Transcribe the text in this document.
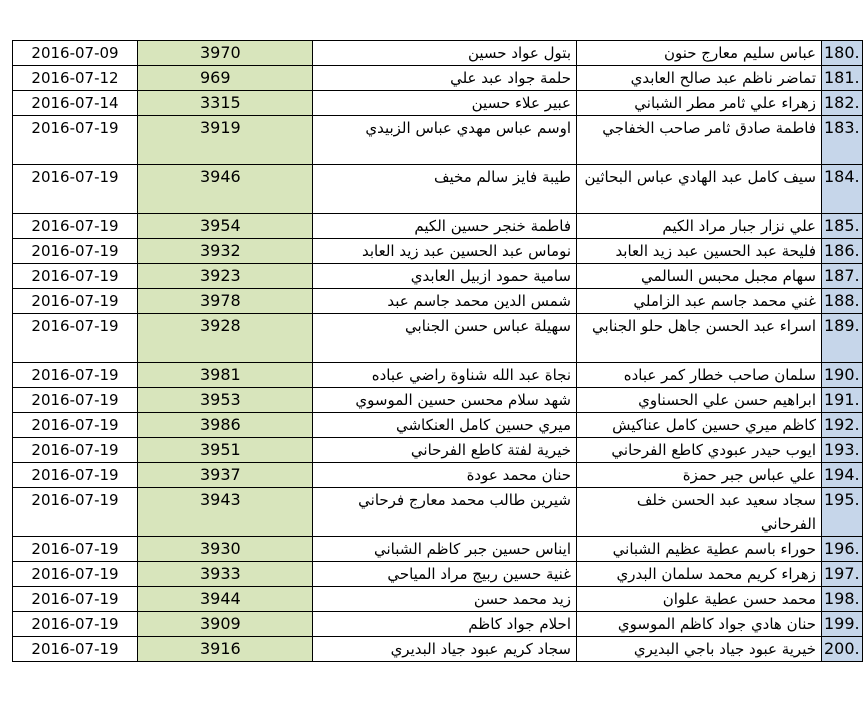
2016-07-09	3970	بتول عواد حسين	عباس سليم معارج حنون	180.
2016-07-12	969	حلمة جواد عبد علي	تماضر ناظم عبد صالح العابدي	181.
2016-07-14	3315	عبير علاء حسين	زهراء علي ثامر مطر الشباني	182.
2016-07-19	3919	اوسم عباس مهدي عباس الزبيدي	فاطمة صادق ثامر صاحب الخفاجي	183.
2016-07-19	3946	طيبة فايز سالم مخيف	سيف كامل عبد الهادي عباس البحاثين	184.
2016-07-19	3954	فاطمة خنجر حسين الكيم	علي نزار جبار مراد الكيم	185.
2016-07-19	3932	نوماس عبد الحسين عبد زيد العابد	فليحة عبد الحسين عبد زيد العابد	186.
2016-07-19	3923	سامية حمود ازبيل العابدي	سهام مجبل محبس السالمي	187.
2016-07-19	3978	شمس الدين محمد جاسم عبد	غني محمد جاسم عبد الزاملي	188.
2016-07-19	3928	سهيلة عباس حسن الجنابي	اسراء عبد الحسن جاهل حلو الجنابي	189.
2016-07-19	3981	نجاة عبد الله شناوة راضي عباده	سلمان صاحب خطار كمر عباده	190.
2016-07-19	3953	شهد سلام محسن حسين الموسوي	ابراهيم حسن علي الحسناوي	191.
2016-07-19	3986	ميري حسين كامل العنكاشي	كاظم ميري حسين كامل عناكيش	192.
2016-07-19	3951	خيرية لفتة كاطع الفرحاني	ايوب حيدر عبودي كاطع الفرحاني	193.
2016-07-19	3937	حنان محمد عودة	علي عباس جبر حمزة	194.
2016-07-19	3943	شيرين طالب محمد معارج فرحاني	سجاد سعيد عبد الحسن خلف الفرحاني	195.
2016-07-19	3930	ايناس حسين جبر كاظم الشباني	حوراء باسم عطية عظيم الشباني	196.
2016-07-19	3933	غنية حسين ربيج مراد المياحي	زهراء كريم محمد سلمان البدري	197.
2016-07-19	3944	زيد محمد حسن	محمد حسن عطية علوان	198.
2016-07-19	3909	احلام جواد كاظم	حنان هادي جواد كاظم الموسوي	199.
2016-07-19	3916	سجاد كريم عبود جياد البديري	خيرية عبود جياد باجي البديري	200.
